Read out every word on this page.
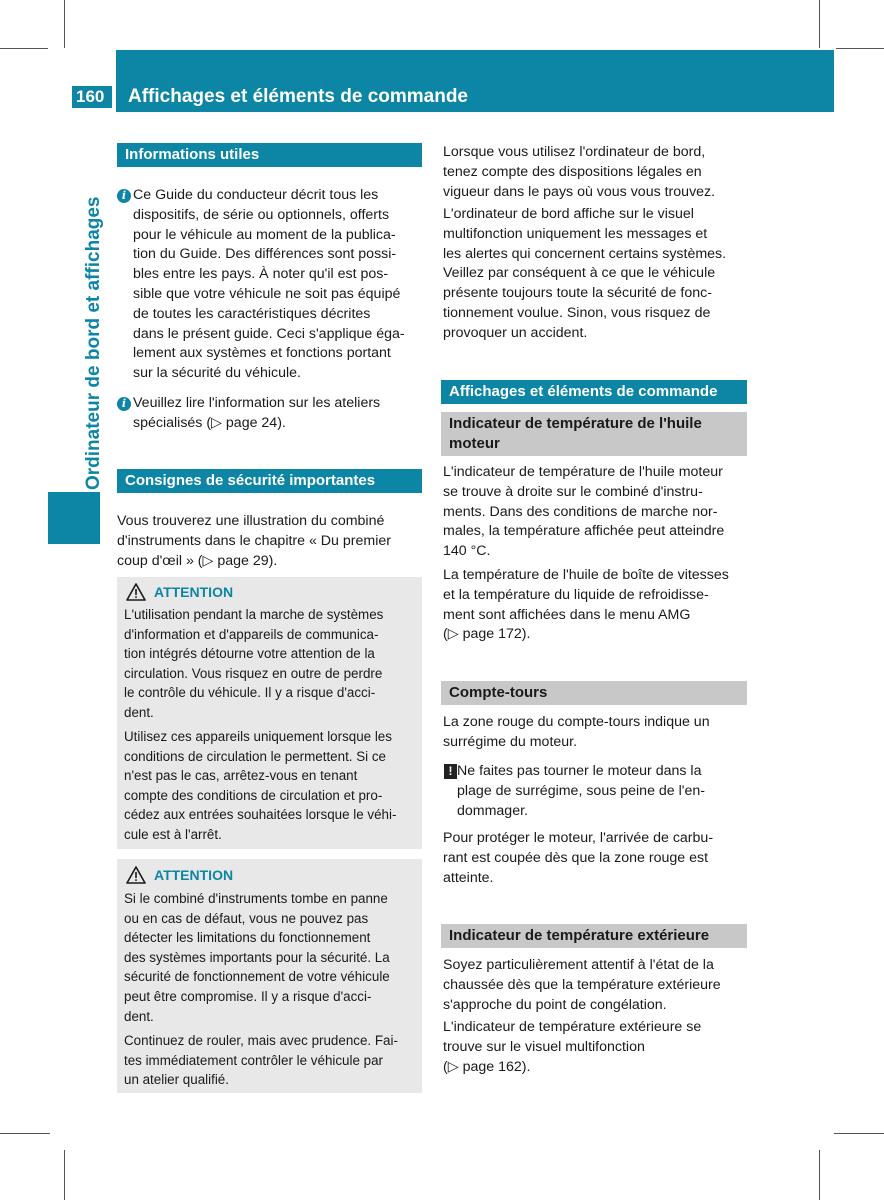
160	Affichages et éléments de commande
Ordinateur de bord et affichages
Informations utiles
i Ce Guide du conducteur décrit tous les
dispositifs, de série ou optionnels, offerts
pour le véhicule au moment de la publica-
tion du Guide. Des différences sont possi-
bles entre les pays. À noter qu'il est pos-
sible que votre véhicule ne soit pas équipé
de toutes les caractéristiques décrites
dans le présent guide. Ceci s'applique éga-
lement aux systèmes et fonctions portant
sur la sécurité du véhicule.
i Veuillez lire l'information sur les ateliers
spécialisés (▷ page 24).
Consignes de sécurité importantes
Vous trouverez une illustration du combiné
d'instruments dans le chapitre « Du premier
coup d'œil » (▷ page 29).
ATTENTION
L'utilisation pendant la marche de systèmes
d'information et d'appareils de communica-
tion intégrés détourne votre attention de la
circulation. Vous risquez en outre de perdre
le contrôle du véhicule. Il y a risque d'acci-
dent.
Utilisez ces appareils uniquement lorsque les
conditions de circulation le permettent. Si ce
n'est pas le cas, arrêtez-vous en tenant
compte des conditions de circulation et pro-
cédez aux entrées souhaitées lorsque le véhi-
cule est à l'arrêt.
ATTENTION
Si le combiné d'instruments tombe en panne
ou en cas de défaut, vous ne pouvez pas
détecter les limitations du fonctionnement
des systèmes importants pour la sécurité. La
sécurité de fonctionnement de votre véhicule
peut être compromise. Il y a risque d'acci-
dent.
Continuez de rouler, mais avec prudence. Fai-
tes immédiatement contrôler le véhicule par
un atelier qualifié.
Lorsque vous utilisez l'ordinateur de bord,
tenez compte des dispositions légales en
vigueur dans le pays où vous vous trouvez.
L'ordinateur de bord affiche sur le visuel
multifonction uniquement les messages et
les alertes qui concernent certains systèmes.
Veillez par conséquent à ce que le véhicule
présente toujours toute la sécurité de fonc-
tionnement voulue. Sinon, vous risquez de
provoquer un accident.
Affichages et éléments de commande
Indicateur de température de l'huile
moteur
L'indicateur de température de l'huile moteur
se trouve à droite sur le combiné d'instru-
ments. Dans des conditions de marche nor-
males, la température affichée peut atteindre
140 °C.
La température de l'huile de boîte de vitesses
et la température du liquide de refroidisse-
ment sont affichées dans le menu AMG
(▷ page 172).
Compte-tours
La zone rouge du compte-tours indique un
surrégime du moteur.
! Ne faites pas tourner le moteur dans la
plage de surrégime, sous peine de l'en-
dommager.
Pour protéger le moteur, l'arrivée de carbu-
rant est coupée dès que la zone rouge est
atteinte.
Indicateur de température extérieure
Soyez particulièrement attentif à l'état de la
chaussée dès que la température extérieure
s'approche du point de congélation.
L'indicateur de température extérieure se
trouve sur le visuel multifonction
(▷ page 162).
